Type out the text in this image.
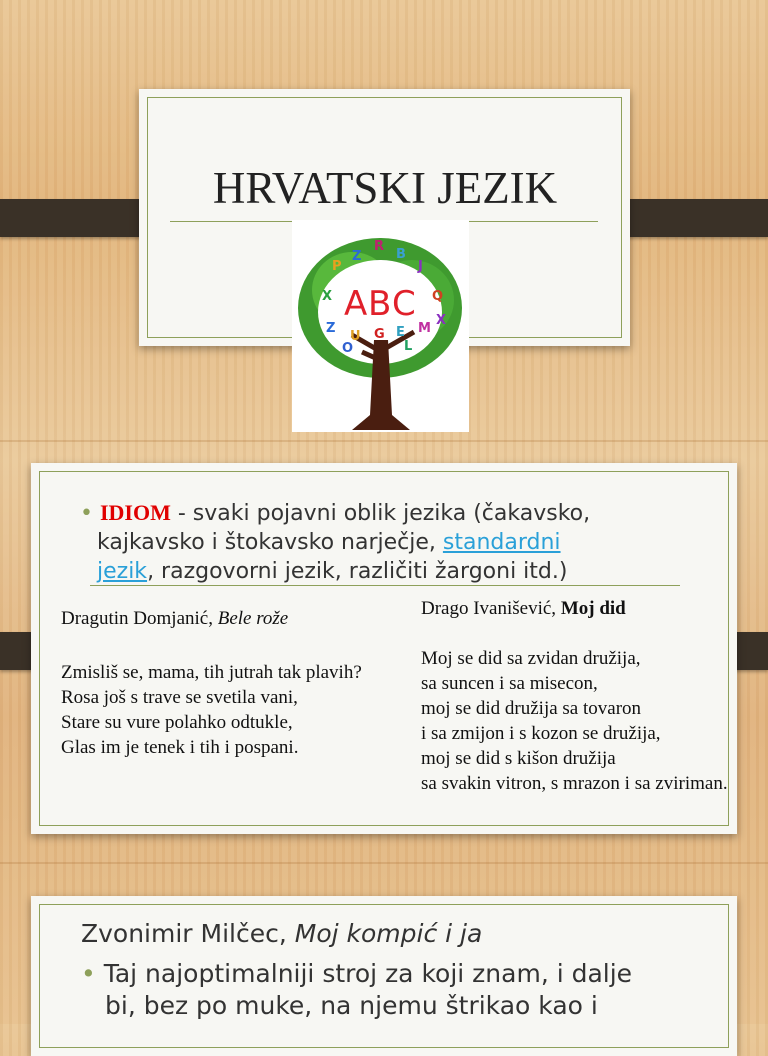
HRVATSKI JEZIK
A B C
P
Z
R
B
J
X	Q
Z
U G E M
X
O	L
• IDIOM - svaki pojavni oblik jezika (čakavsko,
kajkavsko i štokavsko narječje, standardni
jezik, razgovorni jezik, različiti žargoni itd.)
Dragutin Domjanić, Bele rože
Zmisliš se, mama, tih jutrah tak plavih?
Rosa još s trave se svetila vani,
Stare su vure polahko odtukle,
Glas im je tenek i tih i pospani.
Drago Ivanišević, Moj did
Moj se did sa zvidan družija,
sa suncen i sa misecon,
moj se did družija sa tovaron
i sa zmijon i s kozon se družija,
moj se did s kišon družija
sa svakin vitron, s mrazon i sa zviriman.
Zvonimir Milčec, Moj kompić i ja
• Taj najoptimalniji stroj za koji znam, i dalje
bi, bez po muke, na njemu štrikao kao i
